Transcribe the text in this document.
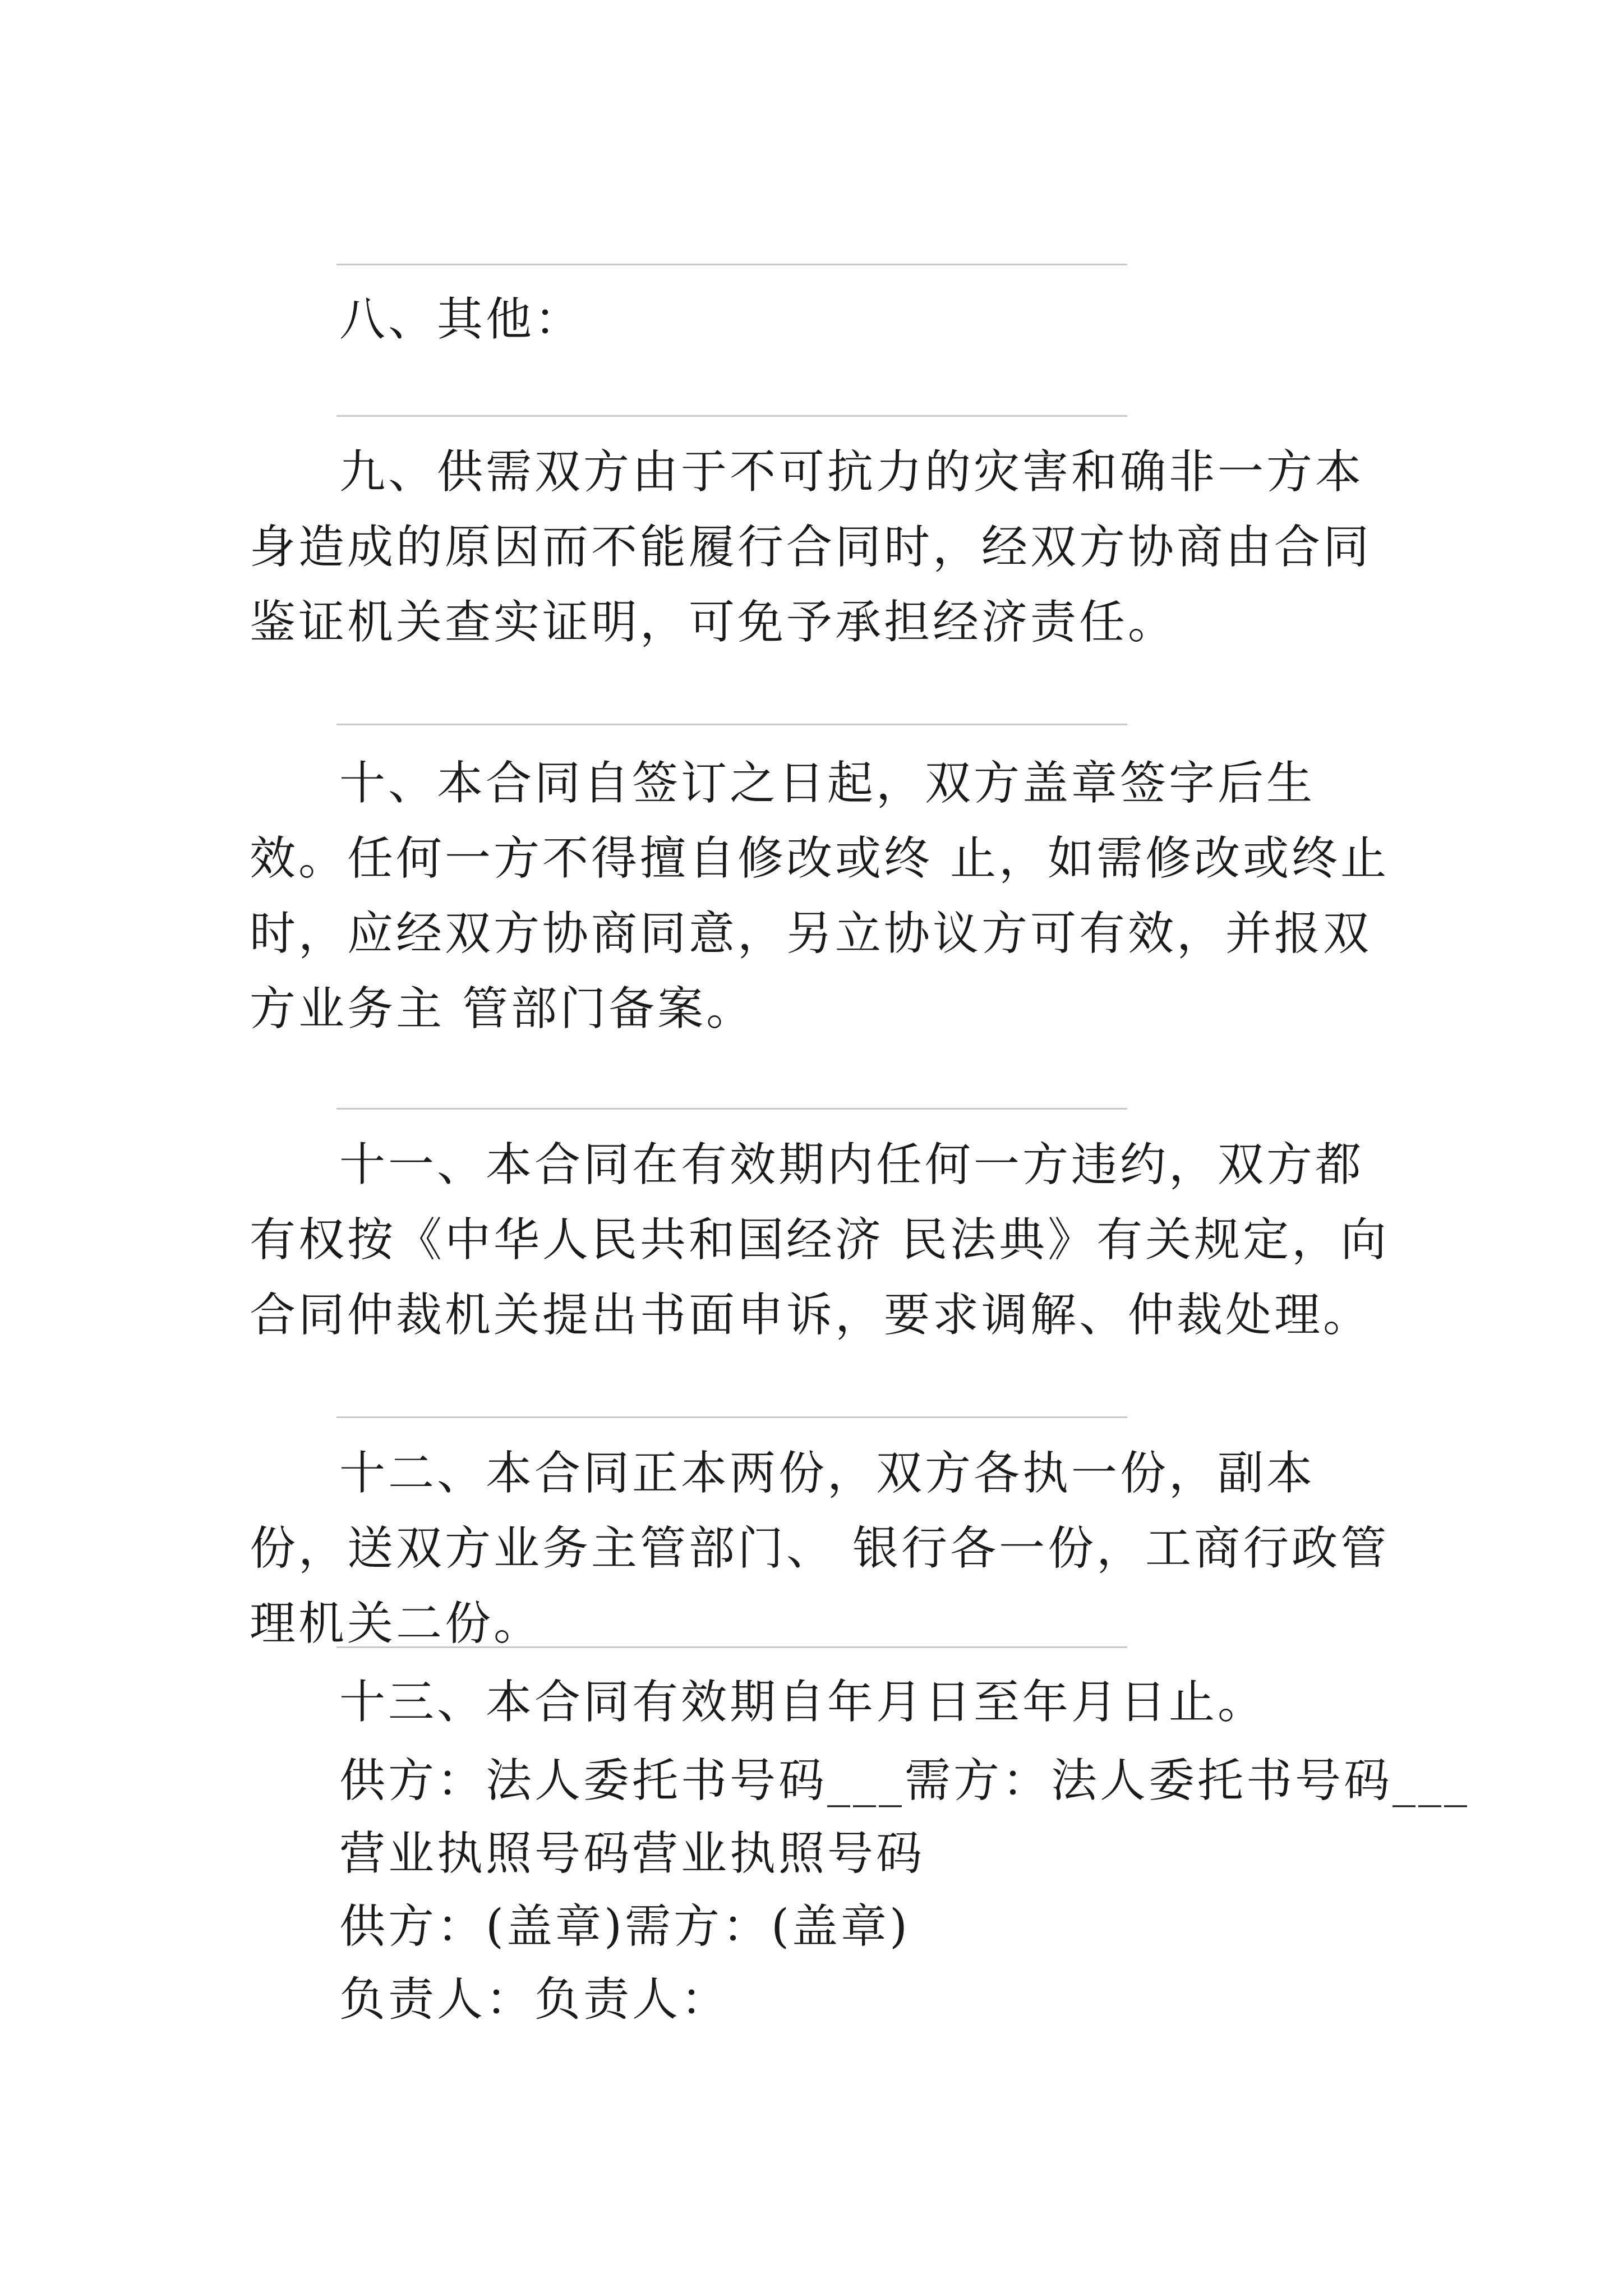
八、其他：

九、供需双方由于不可抗力的灾害和确非一方本身造成的原因而不能履行合同时，经双方协商由合同鉴证机关查实证明，可免予承担经济责任。

十、本合同自签订之日起，双方盖章签字后生效。任何一方不得擅自修改或终 止，如需修改或终止时，应经双方协商同意，另立协议方可有效，并报双方业务主 管部门备案。

十一、本合同在有效期内任何一方违约，双方都有权按《中华人民共和国经济 民法典》有关规定，向合同仲裁机关提出书面申诉，要求调解、仲裁处理。

十二、本合同正本两份，双方各执一份，副本份，送双方业务主管部门、 银行各一份，工商行政管理机关二份。

十三、本合同有效期自年月日至年月日止。

供方：法人委托书号码___需方：法人委托书号码___

营业执照号码营业执照号码

供方：(盖章)需方：(盖章)

负责人：负责人：
